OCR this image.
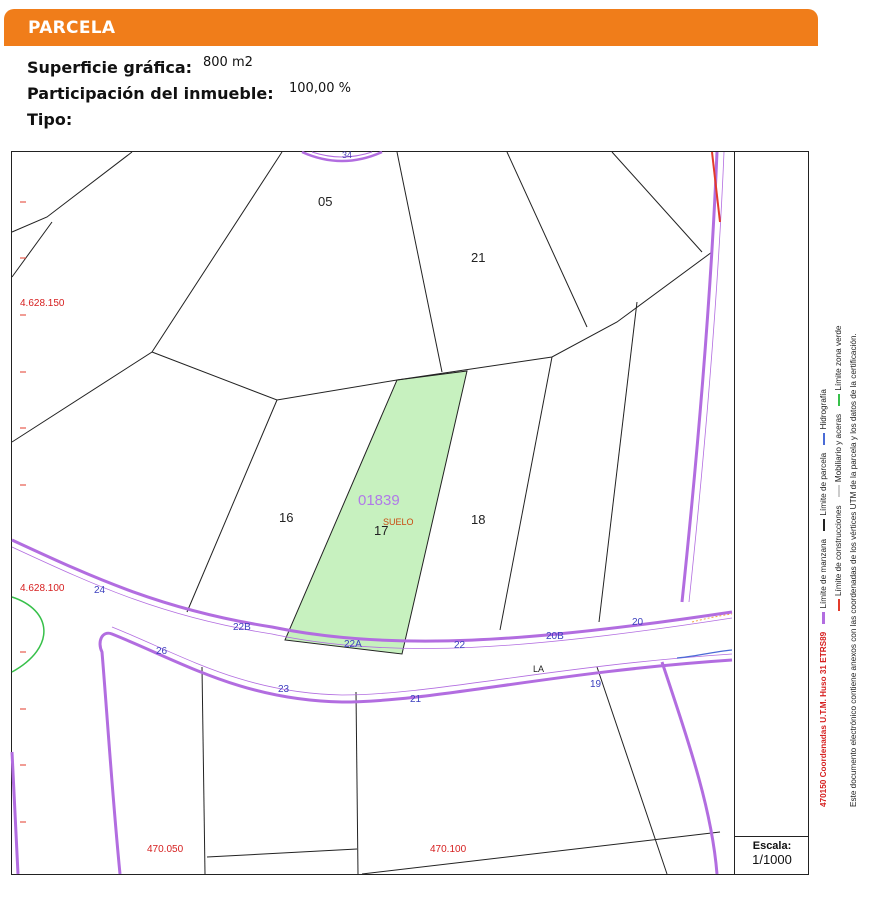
PARCELA
Superficie gráfica: 800 m2
Participación del inmueble: 100,00 %
Tipo:
05
21
16	18
34
01839
17
SUELO
LA
24
22B
22A	22
20B
20
26
23
21
19
4.628.150
4.628.100
470.050	470.100
470150 Coordenadas U.T.M. Huso 31 ETRS89 Límite de manzana Límite de parcela Hidrografía
Límite de construcciones Mobiliario y aceras Límite zona verde Este documento electrónico contiene anexos con las coordenadas de los vértices UTM de la parcela y los datos de la certificación.
Escala:
1/1000
